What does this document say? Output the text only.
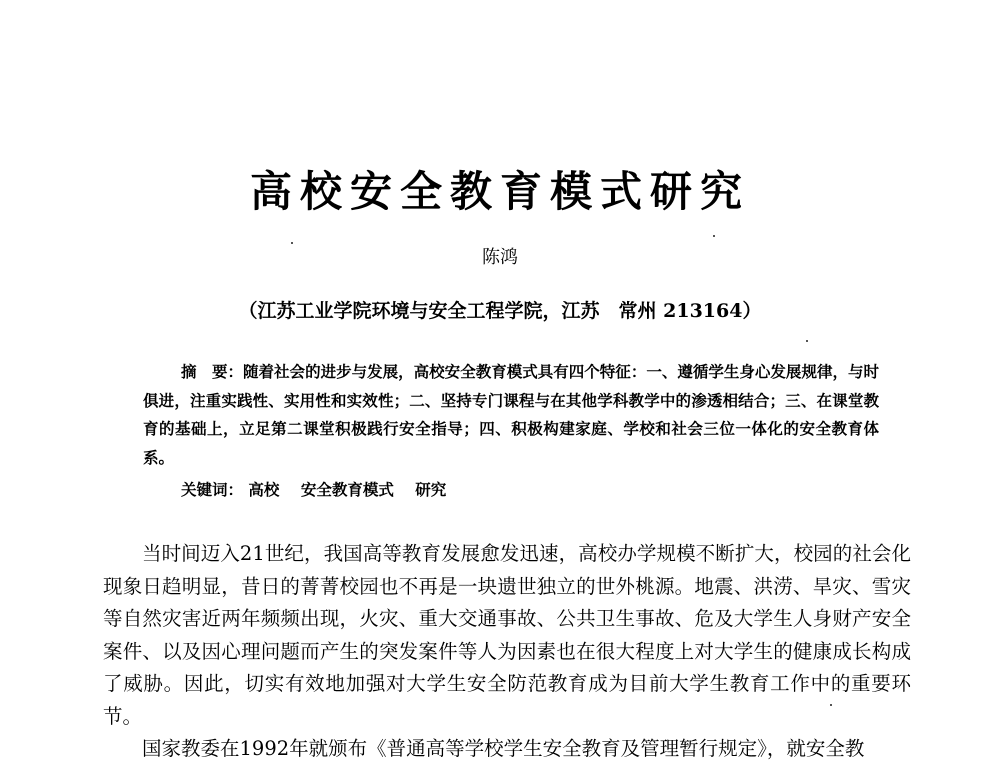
高校安全教育模式研究
陈鸿
（江苏工业学院环境与安全工程学院，江苏　常州 213164）
摘　要：随着社会的进步与发展，高校安全教育模式具有四个特征：一、遵循学生身心发展规律，与时俱进，注重实践性、实用性和实效性；二、坚持专门课程与在其他学科教学中的渗透相结合；三、在课堂教育的基础上，立足第二课堂积极践行安全指导；四、积极构建家庭、学校和社会三位一体化的安全教育体系。
关键词： 高校 安全教育模式 研究

当时间迈入21世纪，我国高等教育发展愈发迅速，高校办学规模不断扩大，校园的社会化现象日趋明显，昔日的菁菁校园也不再是一块遗世独立的世外桃源。地震、洪涝、旱灾、雪灾等自然灾害近两年频频出现，火灾、重大交通事故、公共卫生事故、危及大学生人身财产安全案件、以及因心理问题而产生的突发案件等人为因素也在很大程度上对大学生的健康成长构成了威胁。因此，切实有效地加强对大学生安全防范教育成为目前大学生教育工作中的重要环节。

国家教委在1992年就颁布《普通高等学校学生安全教育及管理暂行规定》，就安全教
